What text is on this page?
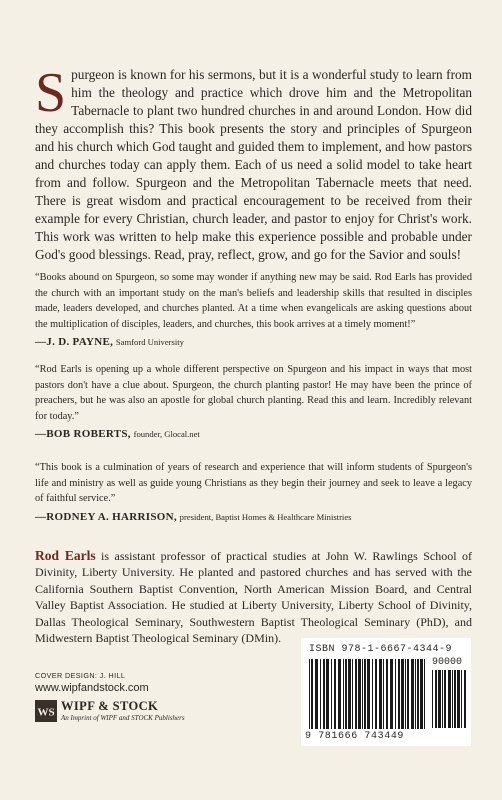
Spurgeon is known for his sermons, but it is a wonderful study to learn from him the theology and practice which drove him and the Metropolitan Tabernacle to plant two hundred churches in and around London. How did they accomplish this? This book presents the story and principles of Spurgeon and his church which God taught and guided them to implement, and how pastors and churches today can apply them. Each of us need a solid model to take heart from and follow. Spurgeon and the Metropolitan Tabernacle meets that need. There is great wisdom and practical encouragement to be received from their example for every Christian, church leader, and pastor to enjoy for Christ's work. This work was written to help make this experience possible and probable under God's good blessings. Read, pray, reflect, grow, and go for the Savior and souls!
“Books abound on Spurgeon, so some may wonder if anything new may be said. Rod Earls has provided the church with an important study on the man's beliefs and leadership skills that resulted in disciples made, leaders developed, and churches planted. At a time when evangelicals are asking questions about the multiplication of disciples, leaders, and churches, this book arrives at a timely moment!”
—J. D. PAYNE, Samford University
“Rod Earls is opening up a whole different perspective on Spurgeon and his impact in ways that most pastors don't have a clue about. Spurgeon, the church planting pastor! He may have been the prince of preachers, but he was also an apostle for global church planting. Read this and learn. Incredibly relevant for today.”
—BOB ROBERTS, founder, Glocal.net
“This book is a culmination of years of research and experience that will inform students of Spurgeon's life and ministry as well as guide young Christians as they begin their journey and seek to leave a legacy of faithful service.”
—RODNEY A. HARRISON, president, Baptist Homes & Healthcare Ministries
Rod Earls is assistant professor of practical studies at John W. Rawlings School of Divinity, Liberty University. He planted and pastored churches and has served with the California Southern Baptist Convention, North American Mission Board, and Central Valley Baptist Association. He studied at Liberty University, Liberty School of Divinity, Dallas Theological Seminary, Southwestern Baptist Theological Seminary (PhD), and Midwestern Baptist Theological Seminary (DMin).
COVER DESIGN: J. HILL
www.wipfandstock.com
WS WIPF & STOCK
An Imprint of WIPF and STOCK Publishers
ISBN 978-1-6667-4344-9
90000
9 781666 743449
